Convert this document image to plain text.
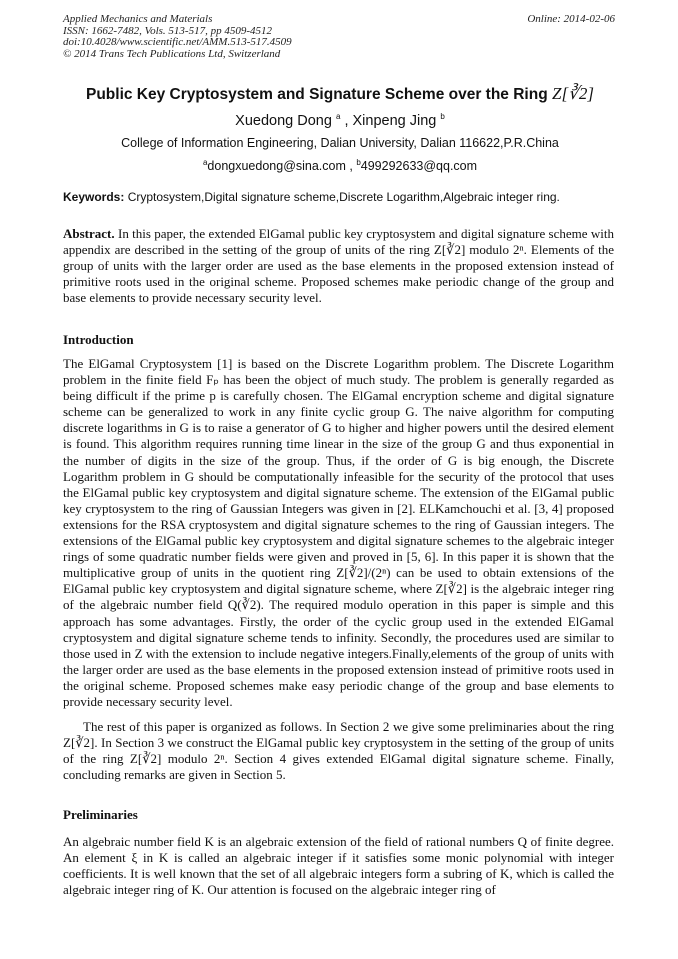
Applied Mechanics and Materials
ISSN: 1662-7482, Vols. 513-517, pp 4509-4512
doi:10.4028/www.scientific.net/AMM.513-517.4509
© 2014 Trans Tech Publications Ltd, Switzerland
Online: 2014-02-06
Public Key Cryptosystem and Signature Scheme over the Ring Z[∛2]
Xuedong Dong $^a$ , Xinpeng Jing $^b$
College of Information Engineering, Dalian University, Dalian 116622,P.R.China
$^a$dongxuedong@sina.com , $^b$499292633@qq.com
Keywords: Cryptosystem,Digital signature scheme,Discrete Logarithm,Algebraic integer ring.
Abstract. In this paper, the extended ElGamal public key cryptosystem and digital signature scheme with appendix are described in the setting of the group of units of the ring Z[∛2] modulo 2ⁿ. Elements of the group of units with the larger order are used as the base elements in the proposed extension instead of primitive roots used in the original scheme. Proposed schemes make periodic change of the group and base elements to provide necessary security level.
Introduction
The ElGamal Cryptosystem [1] is based on the Discrete Logarithm problem. The Discrete Logarithm problem in the finite field Fₚ has been the object of much study. The problem is generally regarded as being difficult if the prime p is carefully chosen. The ElGamal encryption scheme and digital signature scheme can be generalized to work in any finite cyclic group G. The naive algorithm for computing discrete logarithms in G is to raise a generator of G to higher and higher powers until the desired element is found. This algorithm requires running time linear in the size of the group G and thus exponential in the number of digits in the size of the group. Thus, if the order of G is big enough, the Discrete Logarithm problem in G should be computationally infeasible for the security of the protocol that uses the ElGamal public key cryptosystem and digital signature scheme. The extension of the ElGamal public key cryptosystem to the ring of Gaussian Integers was given in [2]. ELKamchouchi et al. [3, 4] proposed extensions for the RSA cryptosystem and digital signature schemes to the ring of Gaussian integers. The extensions of the ElGamal public key cryptosystem and digital signature schemes to the algebraic integer rings of some quadratic number fields were given and proved in [5, 6]. In this paper it is shown that the multiplicative group of units in the quotient ring Z[∛2]/(2ⁿ) can be used to obtain extensions of the ElGamal public key cryptosystem and digital signature scheme, where Z[∛2] is the algebraic integer ring of the algebraic number field Q(∛2). The required modulo operation in this paper is simple and this approach has some advantages. Firstly, the order of the cyclic group used in the extended ElGamal cryptosystem and digital signature scheme tends to infinity. Secondly, the procedures used are similar to those used in Z with the extension to include negative integers.Finally,elements of the group of units with the larger order are used as the base elements in the proposed extension instead of primitive roots used in the original scheme. Proposed schemes make easy periodic change of the group and base elements to provide necessary security level.
The rest of this paper is organized as follows. In Section 2 we give some preliminaries about the ring Z[∛2]. In Section 3 we construct the ElGamal public key cryptosystem in the setting of the group of units of the ring Z[∛2] modulo 2ⁿ. Section 4 gives extended ElGamal digital signature scheme. Finally, concluding remarks are given in Section 5.
Preliminaries
An algebraic number field K is an algebraic extension of the field of rational numbers Q of finite degree. An element ξ in K is called an algebraic integer if it satisfies some monic polynomial with integer coefficients. It is well known that the set of all algebraic integers form a subring of K, which is called the algebraic integer ring of K. Our attention is focused on the algebraic integer ring of
